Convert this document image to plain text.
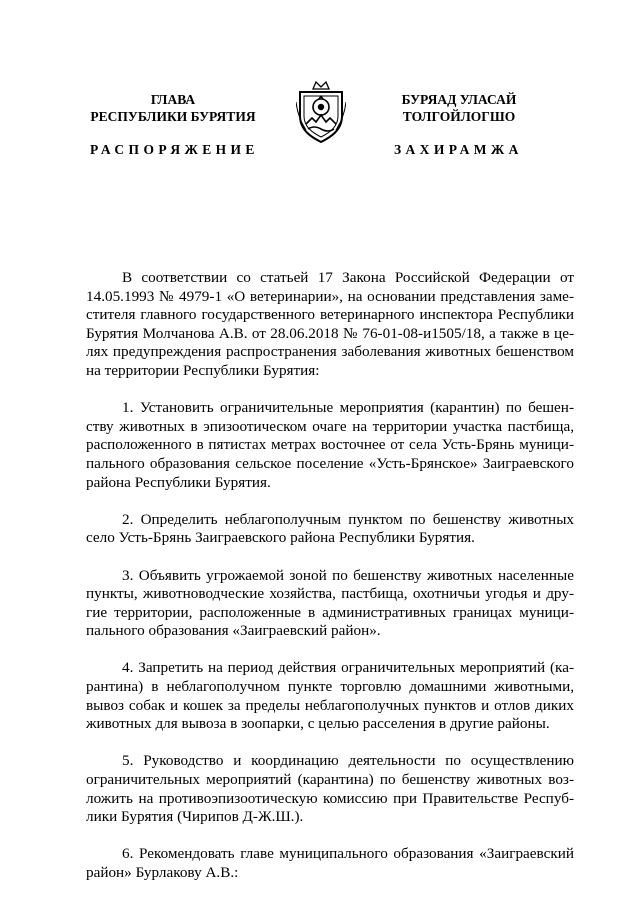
ГЛАВА
РЕСПУБЛИКИ БУРЯТИЯ
БУРЯАД УЛАСАЙ
ТОЛГОЙЛОГШО
РАСПОРЯЖЕНИЕ	ЗАХИРАМЖА

В соответствии со статьей 17 Закона Российской Федерации от 14.05.1993 № 4979-1 «О ветеринарии», на основании представления заместителя главного государственного ветеринарного инспектора Республики Бурятия Молчанова А.В. от 28.06.2018 № 76-01-08-и1505/18, а также в целях предупреждения распространения заболевания животных бешенством на территории Республики Бурятия:

1. Установить ограничительные мероприятия (карантин) по бешенству животных в эпизоотическом очаге на территории участка пастбища, расположенного в пятистах метрах восточнее от села Усть-Брянь муниципального образования сельское поселение «Усть-Брянское» Заиграевского района Республики Бурятия.

2. Определить неблагополучным пунктом по бешенству животных село Усть-Брянь Заиграевского района Республики Бурятия.

3. Объявить угрожаемой зоной по бешенству животных населенные пункты, животноводческие хозяйства, пастбища, охотничьи угодья и другие территории, расположенные в административных границах муниципального образования «Заиграевский район».

4. Запретить на период действия ограничительных мероприятий (карантина) в неблагополучном пункте торговлю домашними животными, вывоз собак и кошек за пределы неблагополучных пунктов и отлов диких животных для вывоза в зоопарки, с целью расселения в другие районы.

5. Руководство и координацию деятельности по осуществлению ограничительных мероприятий (карантина) по бешенству животных возложить на противоэпизоотическую комиссию при Правительстве Республики Бурятия (Чирипов Д-Ж.Ш.).

6. Рекомендовать главе муниципального образования «Заиграевский район» Бурлакову А.В.:
